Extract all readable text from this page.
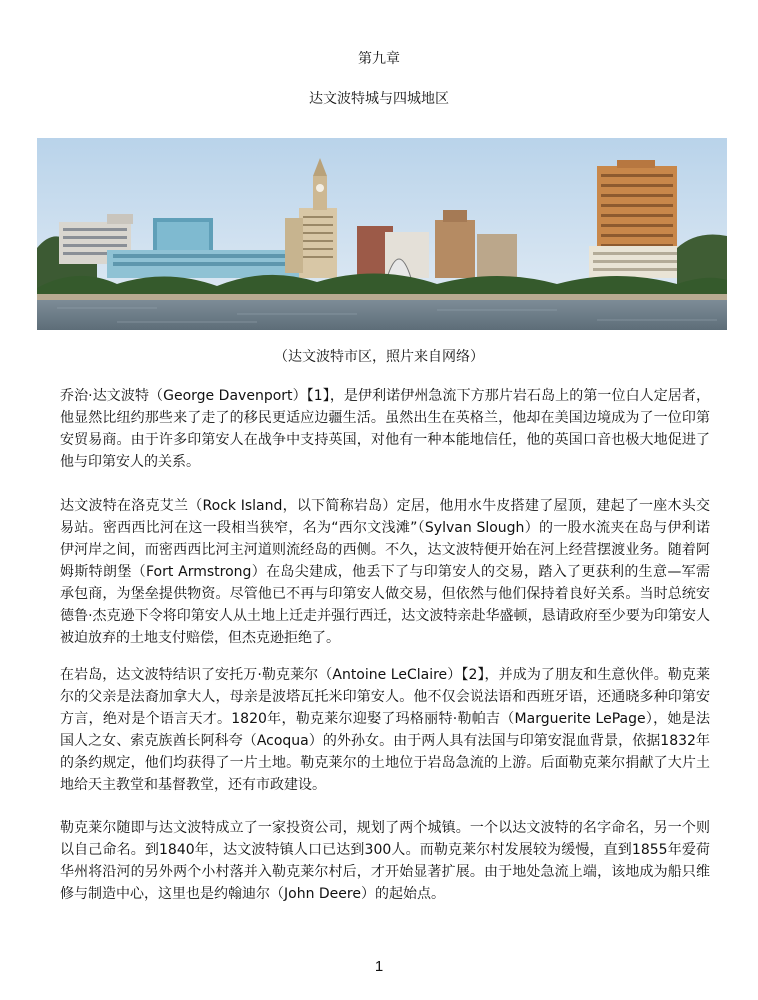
第九章
达文波特城与四城地区
（达文波特市区，照片来自网络）

乔治·达文波特（George Davenport）【1】，是伊利诺伊州急流下方那片岩石岛上的第一位白人定居者，他显然比纽约那些来了走了的移民更适应边疆生活。虽然出生在英格兰，他却在美国边境成为了一位印第安贸易商。由于许多印第安人在战争中支持英国，对他有一种本能地信任，他的英国口音也极大地促进了他与印第安人的关系。

达文波特在洛克艾兰（Rock Island，以下简称岩岛）定居，他用水牛皮搭建了屋顶，建起了一座木头交易站。密西西比河在这一段相当狭窄，名为“西尔文浅滩”（Sylvan Slough）的一股水流夹在岛与伊利诺伊河岸之间，而密西西比河主河道则流经岛的西侧。不久，达文波特便开始在河上经营摆渡业务。随着阿姆斯特朗堡（Fort Armstrong）在岛尖建成，他丢下了与印第安人的交易，踏入了更获利的生意—军需承包商，为堡垒提供物资。尽管他已不再与印第安人做交易，但依然与他们保持着良好关系。当时总统安德鲁·杰克逊下令将印第安人从土地上迁走并强行西迁，达文波特亲赴华盛顿，恳请政府至少要为印第安人被迫放弃的土地支付赔偿，但杰克逊拒绝了。

在岩岛，达文波特结识了安托万·勒克莱尔（Antoine LeClaire）【2】，并成为了朋友和生意伙伴。勒克莱尔的父亲是法裔加拿大人，母亲是波塔瓦托米印第安人。他不仅会说法语和西班牙语，还通晓多种印第安方言，绝对是个语言天才。1820年，勒克莱尔迎娶了玛格丽特·勒帕吉（Marguerite LePage），她是法国人之女、索克族酋长阿科夸（Acoqua）的外孙女。由于两人具有法国与印第安混血背景，依据1832年的条约规定，他们均获得了一片土地。勒克莱尔的土地位于岩岛急流的上游。后面勒克莱尔捐献了大片土地给天主教堂和基督教堂，还有市政建设。

勒克莱尔随即与达文波特成立了一家投资公司，规划了两个城镇。一个以达文波特的名字命名，另一个则以自己命名。到1840年，达文波特镇人口已达到300人。而勒克莱尔村发展较为缓慢，直到1855年爱荷华州将沿河的另外两个小村落并入勒克莱尔村后，才开始显著扩展。由于地处急流上端，该地成为船只维修与制造中心，这里也是约翰迪尔（John Deere）的起始点。

1
